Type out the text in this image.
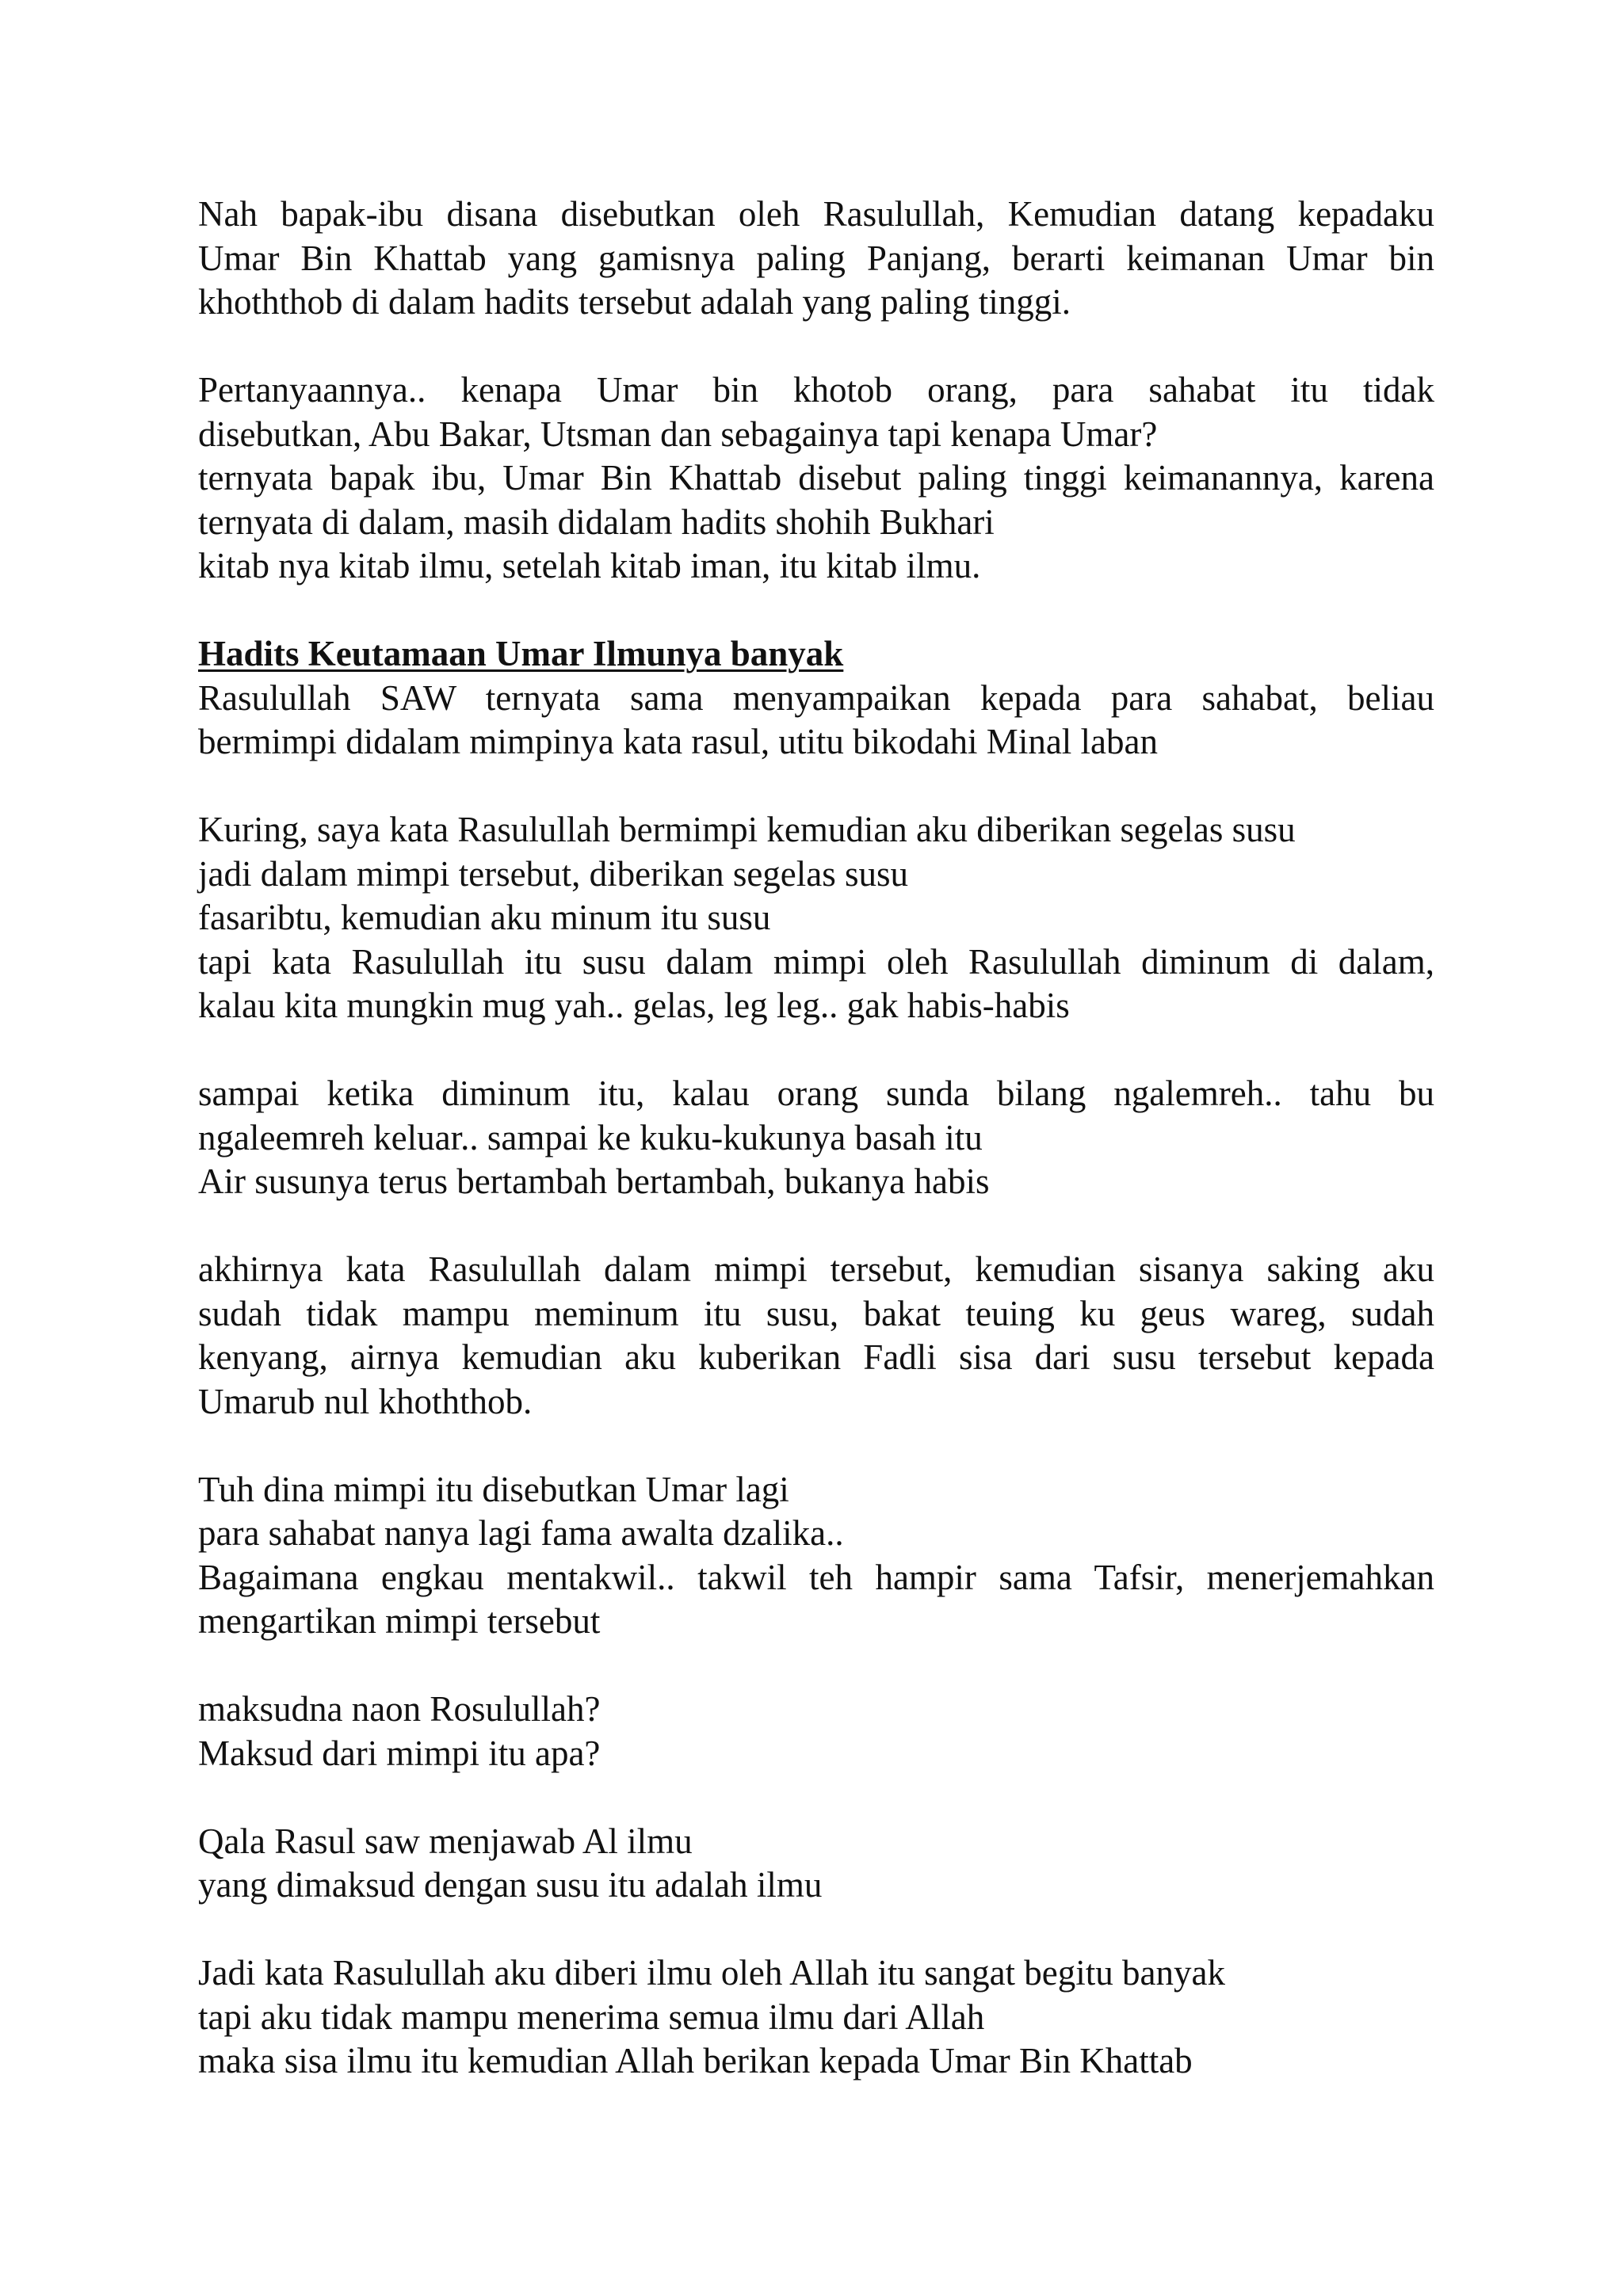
Nah bapak-ibu disana disebutkan oleh Rasulullah, Kemudian datang kepadaku
Umar Bin Khattab yang gamisnya paling Panjang, berarti keimanan Umar bin
khoththob di dalam hadits tersebut adalah yang paling tinggi.
Pertanyaannya.. kenapa Umar bin khotob orang, para sahabat itu tidak
disebutkan, Abu Bakar, Utsman dan sebagainya tapi kenapa Umar?
ternyata bapak ibu, Umar Bin Khattab disebut paling tinggi keimanannya, karena
ternyata di dalam, masih didalam hadits shohih Bukhari
kitab nya kitab ilmu, setelah kitab iman, itu kitab ilmu.
Hadits Keutamaan Umar Ilmunya banyak
Rasulullah SAW ternyata sama menyampaikan kepada para sahabat, beliau
bermimpi didalam mimpinya kata rasul, utitu bikodahi Minal laban
Kuring, saya kata Rasulullah bermimpi kemudian aku diberikan segelas susu
jadi dalam mimpi tersebut, diberikan segelas susu
fasaribtu, kemudian aku minum itu susu
tapi kata Rasulullah itu susu dalam mimpi oleh Rasulullah diminum di dalam,
kalau kita mungkin mug yah.. gelas, leg leg.. gak habis-habis
sampai ketika diminum itu, kalau orang sunda bilang ngalemreh.. tahu bu
ngaleemreh keluar.. sampai ke kuku-kukunya basah itu
Air susunya terus bertambah bertambah, bukanya habis
akhirnya kata Rasulullah dalam mimpi tersebut, kemudian sisanya saking aku
sudah tidak mampu meminum itu susu, bakat teuing ku geus wareg, sudah
kenyang, airnya kemudian aku kuberikan Fadli sisa dari susu tersebut kepada
Umarub nul khoththob.
Tuh dina mimpi itu disebutkan Umar lagi
para sahabat nanya lagi fama awalta dzalika..
Bagaimana engkau mentakwil.. takwil teh hampir sama Tafsir, menerjemahkan
mengartikan mimpi tersebut
maksudna naon Rosulullah?
Maksud dari mimpi itu apa?
Qala Rasul saw menjawab Al ilmu
yang dimaksud dengan susu itu adalah ilmu
Jadi kata Rasulullah aku diberi ilmu oleh Allah itu sangat begitu banyak
tapi aku tidak mampu menerima semua ilmu dari Allah
maka sisa ilmu itu kemudian Allah berikan kepada Umar Bin Khattab
